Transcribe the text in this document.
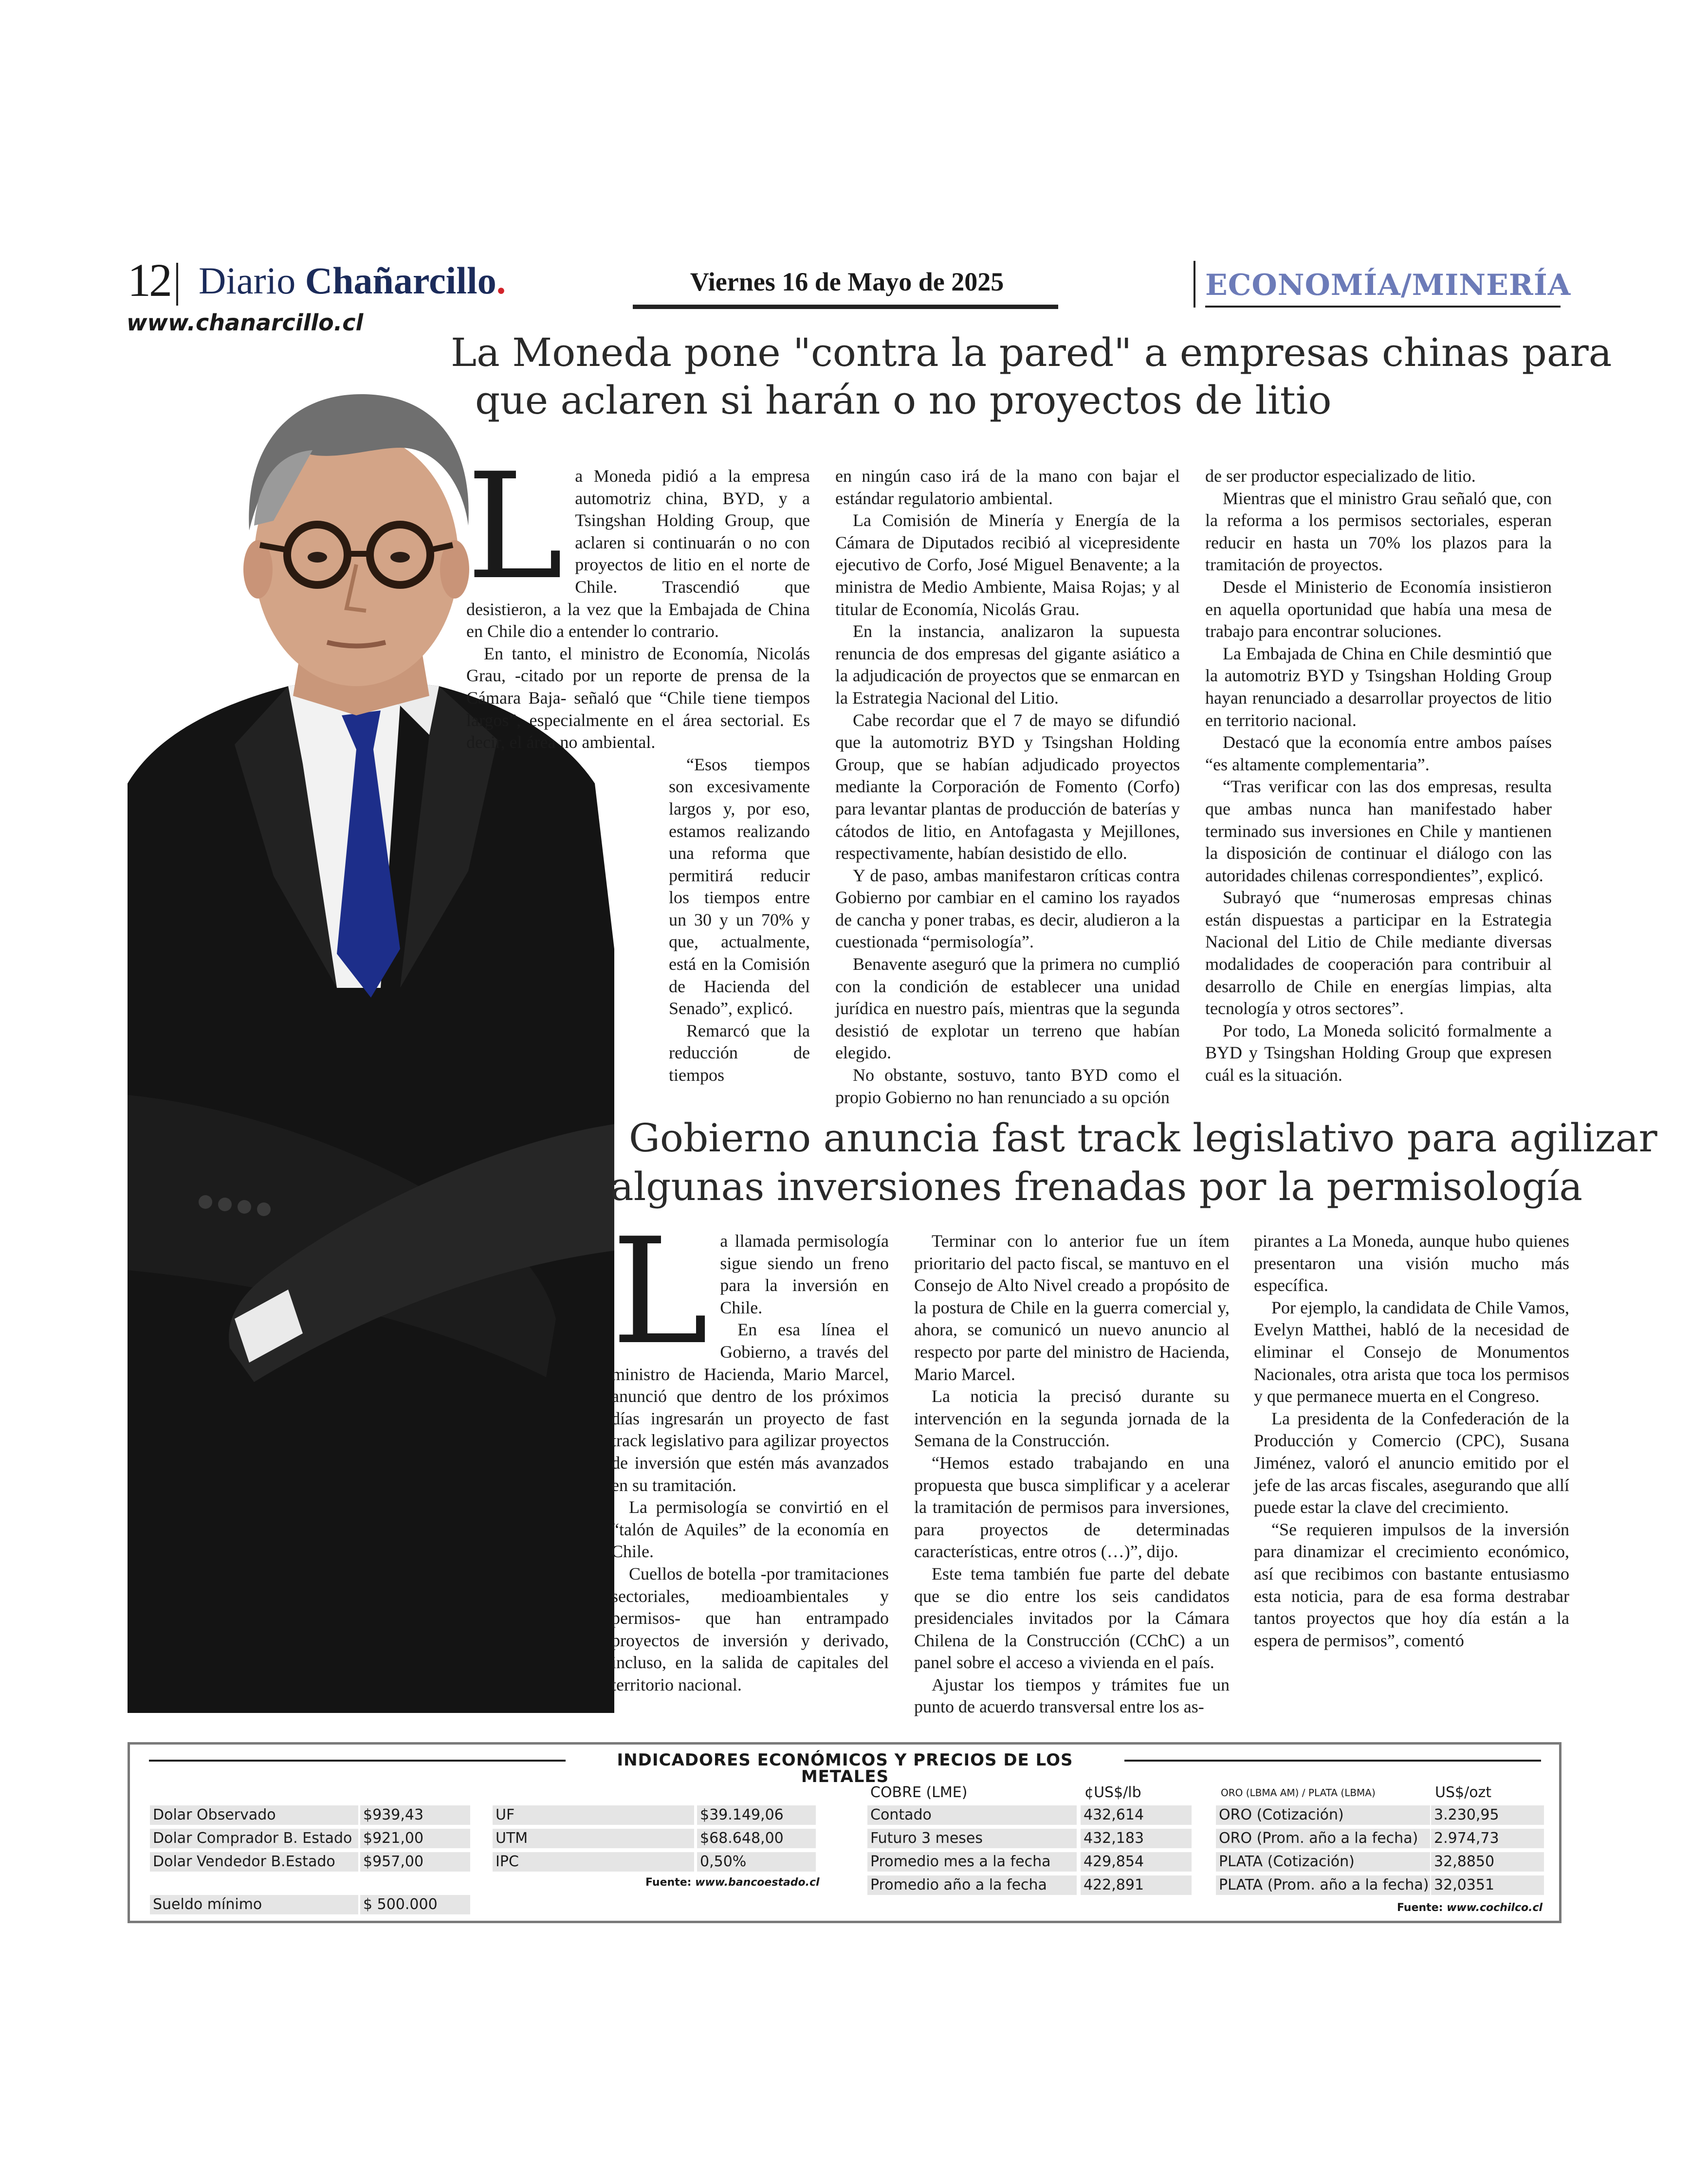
12 Diario Chañarcillo.	Viernes 16 de Mayo de 2025	ECONOMÍA/MINERÍA
www.chanarcillo.cl
La Moneda pone "contra la pared" a empresas chinas para
que aclaren si harán o no proyectos de litio
L a Moneda pidió a la empresa automotriz china, BYD, y a Tsingshan Holding Group, que aclaren si continuarán o no con proyectos de litio en el norte de Chile. Trascendió que desistieron, a la vez que la Embajada de China en Chile dio a entender lo contrario.

En tanto, el ministro de Economía, Nicolás Grau, -citado por un reporte de prensa de la Cámara Baja- señaló que “Chile tiene tiempos largos”, especialmente en el área sectorial. Es decir, el área no ambiental.

“Esos tiempos son excesivamente largos y, por eso, estamos realizando una reforma que permitirá reducir los tiempos entre un 30 y un 70% y que, actualmente, está en la Comisión de Hacienda del Senado”, explicó.

Remarcó que la reducción de tiempos

en ningún caso irá de la mano con bajar el estándar regulatorio ambiental.

La Comisión de Minería y Energía de la Cámara de Diputados recibió al vicepresidente ejecutivo de Corfo, José Miguel Benavente; a la ministra de Medio Ambiente, Maisa Rojas; y al titular de Economía, Nicolás Grau.

En la instancia, analizaron la supuesta renuncia de dos empresas del gigante asiático a la adjudicación de proyectos que se enmarcan en la Estrategia Nacional del Litio.

Cabe recordar que el 7 de mayo se difundió que la automotriz BYD y Tsingshan Holding Group, que se habían adjudicado proyectos mediante la Corporación de Fomento (Corfo) para levantar plantas de producción de baterías y cátodos de litio, en Antofagasta y Mejillones, respectivamente, habían desistido de ello.

Y de paso, ambas manifestaron críticas contra Gobierno por cambiar en el camino los rayados de cancha y poner trabas, es decir, aludieron a la cuestionada “permisología”.

Benavente aseguró que la primera no cumplió con la condición de establecer una unidad jurídica en nuestro país, mientras que la segunda desistió de explotar un terreno que habían elegido.

No obstante, sostuvo, tanto BYD como el propio Gobierno no han renunciado a su opción

de ser productor especializado de litio.

Mientras que el ministro Grau señaló que, con la reforma a los permisos sectoriales, esperan reducir en hasta un 70% los plazos para la tramitación de proyectos.

Desde el Ministerio de Economía insistieron en aquella oportunidad que había una mesa de trabajo para encontrar soluciones.

La Embajada de China en Chile desmintió que la automotriz BYD y Tsingshan Holding Group hayan renunciado a desarrollar proyectos de litio en territorio nacional.

Destacó que la economía entre ambos países “es altamente complementaria”.

“Tras verificar con las dos empresas, resulta que ambas nunca han manifestado haber terminado sus inversiones en Chile y mantienen la disposición de continuar el diálogo con las autoridades chilenas correspondientes”, explicó.

Subrayó que “numerosas empresas chinas están dispuestas a participar en la Estrategia Nacional del Litio de Chile mediante diversas modalidades de cooperación para contribuir al desarrollo de Chile en energías limpias, alta tecnología y otros sectores”.

Por todo, La Moneda solicitó formalmente a BYD y Tsingshan Holding Group que expresen cuál es la situación.

Gobierno anuncia fast track legislativo para agilizar
algunas inversiones frenadas por la permisología
L a llamada permisología sigue siendo un freno para la inversión en Chile.

En esa línea el Gobierno, a través del ministro de Hacienda, Mario Marcel, anunció que dentro de los próximos días ingresarán un proyecto de fast track legislativo para agilizar proyectos de inversión que estén más avanzados en su tramitación.

La permisología se convirtió en el “talón de Aquiles” de la economía en Chile.

Cuellos de botella -por tramitaciones sectoriales, medioambientales y permisos- que han entrampado proyectos de inversión y derivado, incluso, en la salida de capitales del territorio nacional.

Terminar con lo anterior fue un ítem prioritario del pacto fiscal, se mantuvo en el Consejo de Alto Nivel creado a propósito de la postura de Chile en la guerra comercial y, ahora, se comunicó un nuevo anuncio al respecto por parte del ministro de Hacienda, Mario Marcel.

La noticia la precisó durante su intervención en la segunda jornada de la Semana de la Construcción.

“Hemos estado trabajando en una propuesta que busca simplificar y a acelerar la tramitación de permisos para inversiones, para proyectos de determinadas características, entre otros (…)”, dijo.

Este tema también fue parte del debate que se dio entre los seis candidatos presidenciales invitados por la Cámara Chilena de la Construcción (CChC) a un panel sobre el acceso a vivienda en el país.

Ajustar los tiempos y trámites fue un punto de acuerdo transversal entre los as-

pirantes a La Moneda, aunque hubo quienes presentaron una visión mucho más específica.

Por ejemplo, la candidata de Chile Vamos, Evelyn Matthei, habló de la necesidad de eliminar el Consejo de Monumentos Nacionales, otra arista que toca los permisos y que permanece muerta en el Congreso.

La presidenta de la Confederación de la Producción y Comercio (CPC), Susana Jiménez, valoró el anuncio emitido por el jefe de las arcas fiscales, asegurando que allí puede estar la clave del crecimiento.

“Se requieren impulsos de la inversión para dinamizar el crecimiento económico, así que recibimos con bastante entusiasmo esta noticia, para de esa forma destrabar tantos proyectos que hoy día están a la espera de permisos”, comentó

INDICADORES ECONÓMICOS Y PRECIOS DE LOS METALES
Dolar Observado	$939,43
Dolar Comprador B. Estado $921,00
Dolar Vendedor B.Estado	$957,00
Sueldo mínimo	$ 500.000
UF	$39.149,06
UTM	$68.648,00
IPC	0,50%
Fuente: www.bancoestado.cl
COBRE (LME)	¢US$/lb
Contado	432,614
Futuro 3 meses	432,183
Promedio mes a la fecha	429,854
Promedio año a la fecha	422,891
ORO (LBMA AM) / PLATA (LBMA)	US$/ozt
ORO (Cotización)	3.230,95
ORO (Prom. año a la fecha)	2.974,73
PLATA (Cotización)	32,8850
PLATA (Prom. año a la fecha) 32,0351
Fuente: www.cochilco.cl
